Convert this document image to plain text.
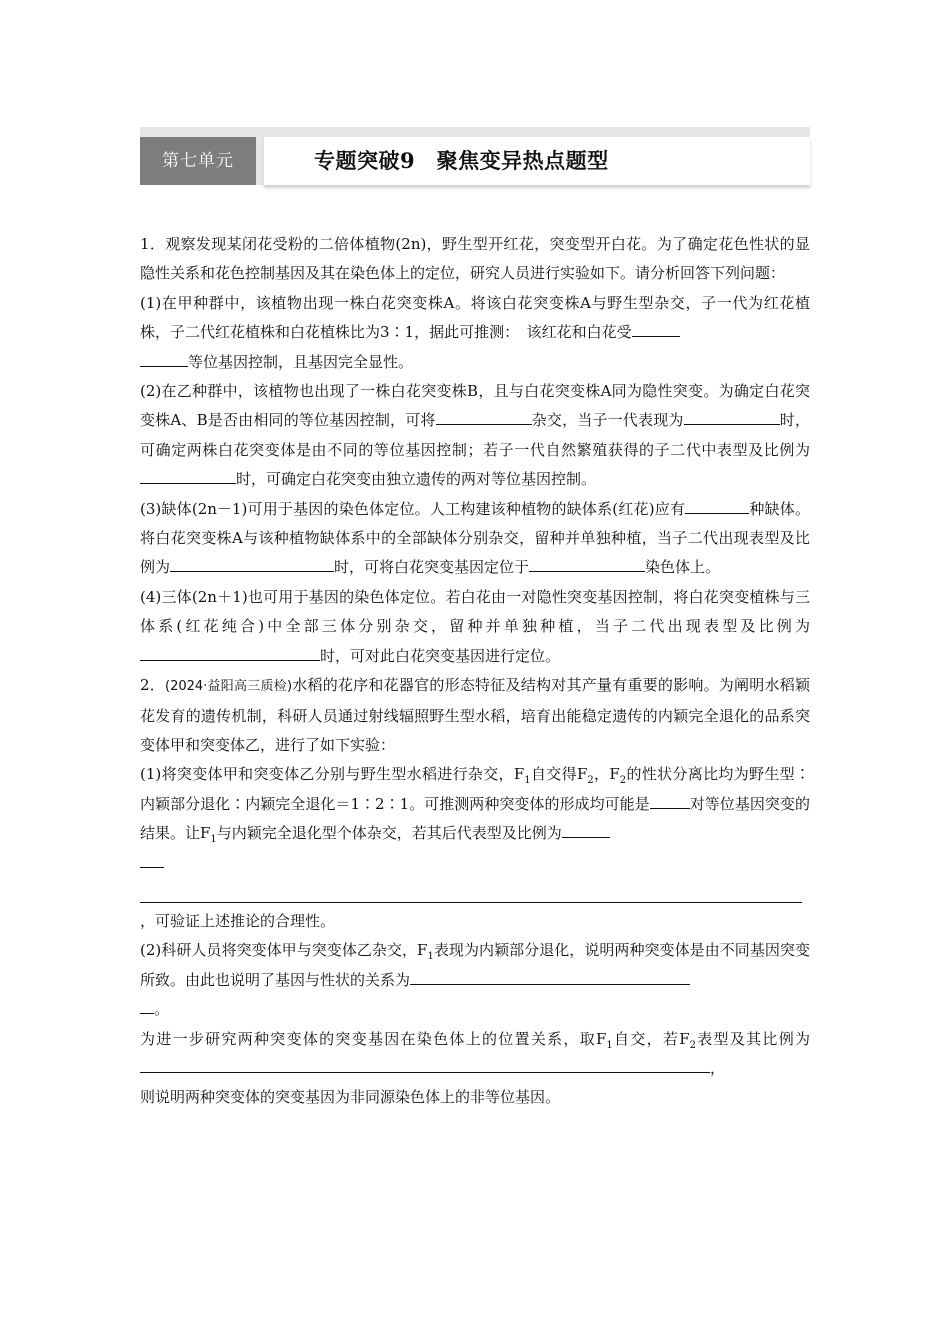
第七单元	专题突破9　聚焦变异热点题型

1．观察发现某闭花受粉的二倍体植物(2n)，野生型开红花，突变型开白花。为了确定花色性状的显隐性关系和花色控制基因及其在染色体上的定位，研究人员进行实验如下。请分析回答下列问题：

(1)在甲种群中，该植物出现一株白花突变株A。将该白花突变株A与野生型杂交，子一代为红花植株，子二代红花植株和白花植株比为3∶1，据此可推测：　该红花和白花受
等位基因控制，且基因完全显性。

(2)在乙种群中，该植物也出现了一株白花突变株B，且与白花突变株A同为隐性突变。为确定白花突变株A、B是否由相同的等位基因控制，可将	杂交，当子一代表现为	时，可确定两株白花突变体是由不同的等位基因控制；若子一代自然繁殖获得的子二代中表型及比例为时，可确定白花突变由独立遗传的两对等位基因控制。

(3)缺体(2n－1)可用于基因的染色体定位。人工构建该种植物的缺体系(红花)应有	种缺体。将白花突变株A与该种植物缺体系中的全部缺体分别杂交，留种并单独种植，当子二代出现表型及比例为	时，可将白花突变基因定位于	染色体上。

(4)三体(2n＋1)也可用于基因的染色体定位。若白花由一对隐性突变基因控制，将白花突变植株与三体系(红花纯合)中全部三体分别杂交，留种并单独种植，当子二代出现表型及比例为时，可对此白花突变基因进行定位。

2．(2024·益阳高三质检)水稻的花序和花器官的形态特征及结构对其产量有重要的影响。为阐明水稻颖花发育的遗传机制，科研人员通过射线辐照野生型水稻，培育出能稳定遗传的内颖完全退化的品系突变体甲和突变体乙，进行了如下实验：

(1)将突变体甲和突变体乙分别与野生型水稻进行杂交，$F_1$自交得$F_2$，$F_2$的性状分离比均为野生型∶内颖部分退化∶内颖完全退化＝1∶2∶1。可推测两种突变体的形成均可能是	对等位基因突变的结果。让$F_1$与内颖完全退化型个体杂交，若其后代表型及比例为

，可验证上述推论的合理性。

(2)科研人员将突变体甲与突变体乙杂交，$F_1$表现为内颖部分退化，说明两种突变体是由不同基因突变所致。由此也说明了基因与性状的关系为
。

为进一步研究两种突变体的突变基因在染色体上的位置关系，取$F_1$自交，若$F_2$表型及其比例为，
则说明两种突变体的突变基因为非同源染色体上的非等位基因。
